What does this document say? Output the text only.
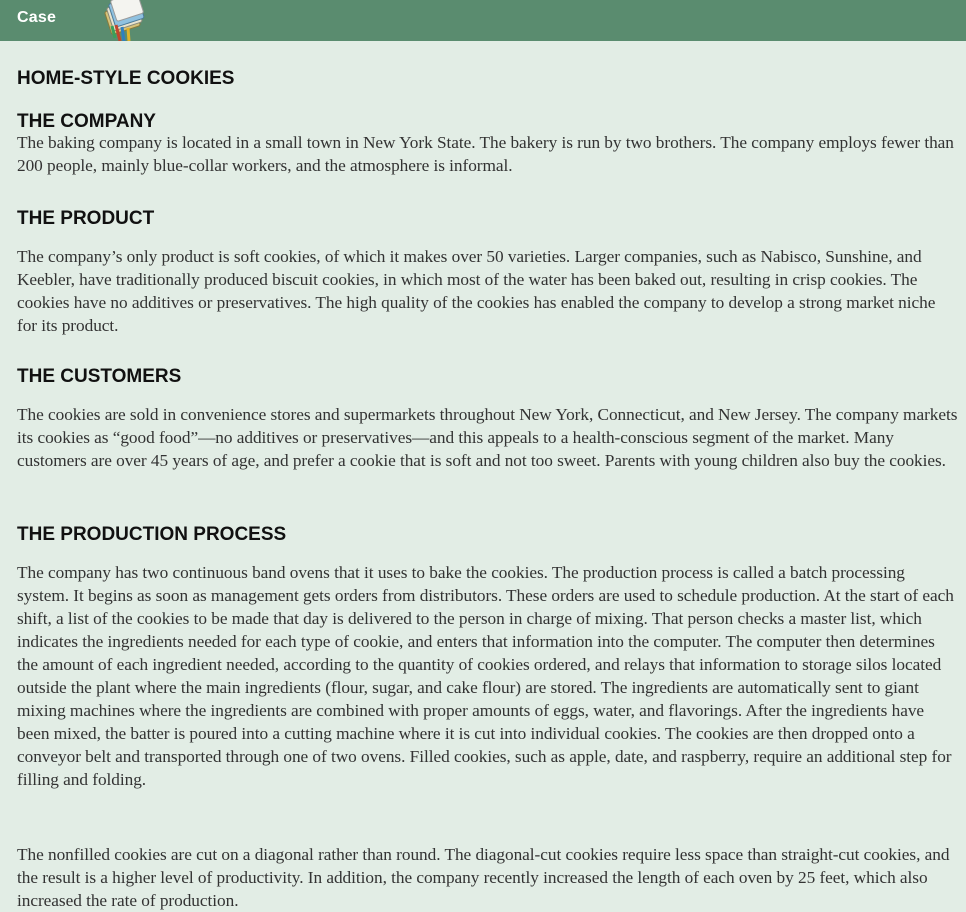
Case
HOME-STYLE COOKIES
THE COMPANY

The baking company is located in a small town in New York State. The bakery is run by two brothers. The company employs fewer than 200 people, mainly blue-collar workers, and the atmosphere is informal.

THE PRODUCT

The company’s only product is soft cookies, of which it makes over 50 varieties. Larger companies, such as Nabisco, Sunshine, and Keebler, have traditionally produced biscuit cookies, in which most of the water has been baked out, resulting in crisp cookies. The cookies have no additives or preservatives. The high quality of the cookies has enabled the company to develop a strong market niche for its product.

THE CUSTOMERS

The cookies are sold in convenience stores and supermarkets throughout New York, Connecticut, and New Jersey. The company markets its cookies as “good food”—no additives or preservatives—and this appeals to a health-conscious segment of the market. Many customers are over 45 years of age, and prefer a cookie that is soft and not too sweet. Parents with young children also buy the cookies.

THE PRODUCTION PROCESS

The company has two continuous band ovens that it uses to bake the cookies. The production process is called a batch processing system. It begins as soon as management gets orders from distributors. These orders are used to schedule production. At the start of each shift, a list of the cookies to be made that day is delivered to the person in charge of mixing. That person checks a master list, which indicates the ingredients needed for each type of cookie, and enters that information into the computer. The computer then determines the amount of each ingredient needed, according to the quantity of cookies ordered, and relays that information to storage silos located outside the plant where the main ingredients (flour, sugar, and cake flour) are stored. The ingredients are automatically sent to giant mixing machines where the ingredients are combined with proper amounts of eggs, water, and flavorings. After the ingredients have been mixed, the batter is poured into a cutting machine where it is cut into individual cookies. The cookies are then dropped onto a conveyor belt and transported through one of two ovens. Filled cookies, such as apple, date, and raspberry, require an additional step for filling and folding.

The nonfilled cookies are cut on a diagonal rather than round. The diagonal-cut cookies require less space than straight-cut cookies, and the result is a higher level of productivity. In addition, the company recently increased the length of each oven by 25 feet, which also increased the rate of production.
